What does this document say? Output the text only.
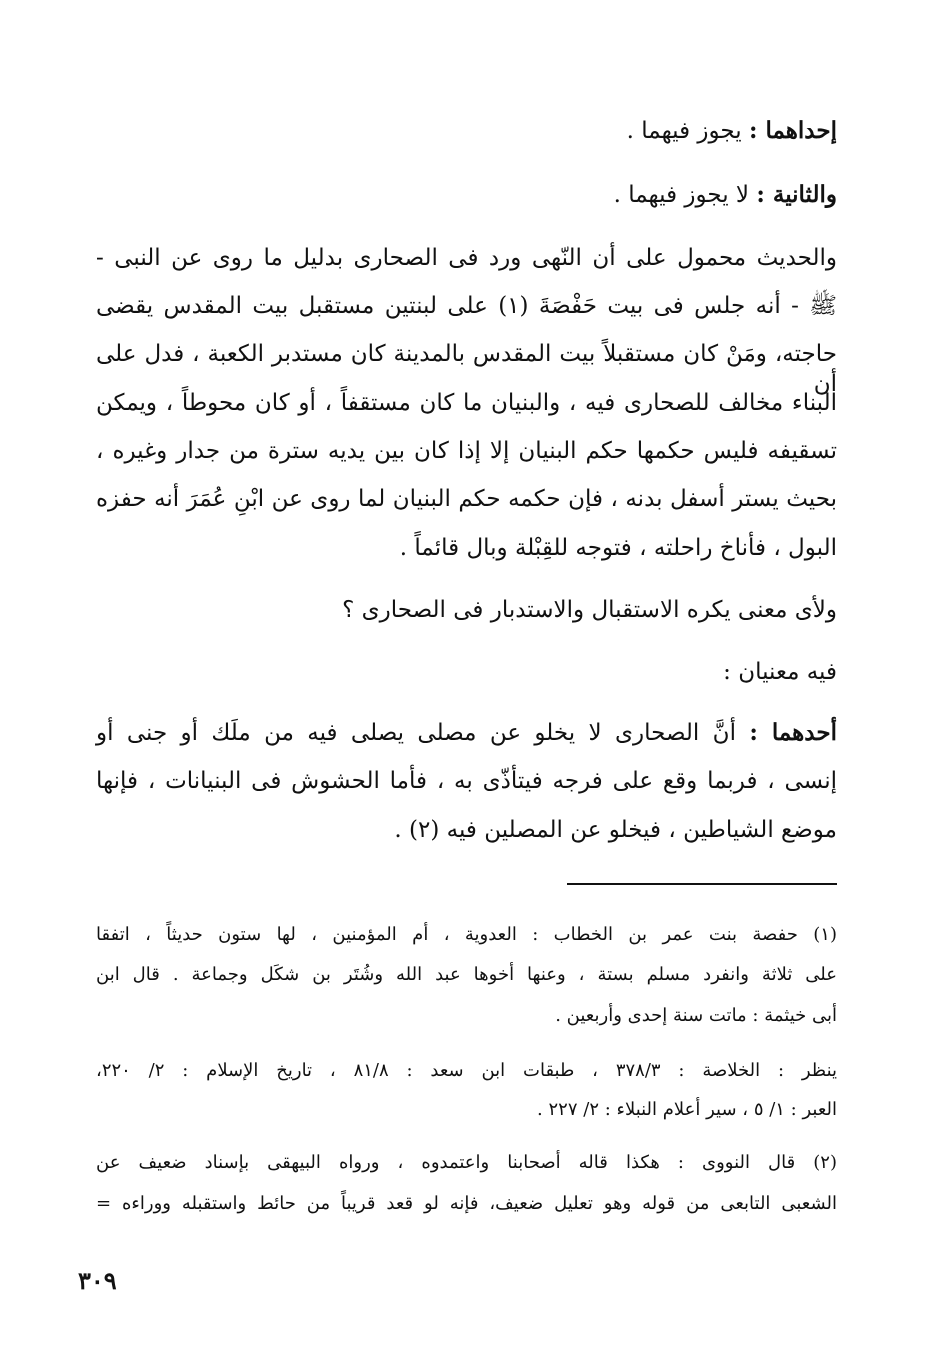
إحداهما : يجوز فيهما .
والثانية : لا يجوز فيهما .
والحديث محمول على أن النّهى ورد فى الصحارى بدليل ما روى عن النبى -
ﷺ - أنه جلس فى بيت حَفْصَةَ (١) على لبنتين مستقبل بيت المقدس يقضى
حاجته، ومَنْ كان مستقبلاً بيت المقدس بالمدينة كان مستدبر الكعبة ، فدل على أن
البناء مخالف للصحارى فيه ، والبنيان ما كان مستقفاً ، أو كان محوطاً ، ويمكن
تسقيفه فليس حكمها حكم البنيان إلا إذا كان بين يديه سترة من جدار وغيره ،
بحيث يستر أسفل بدنه ، فإن حكمه حكم البنيان لما روى عن ابْنِ عُمَرَ أنه حفزه
البول ، فأناخ راحلته ، فتوجه للقِبْلة وبال قائماً .
ولأى معنى يكره الاستقبال والاستدبار فى الصحارى ؟
فيه معنيان :
أحدهما : أنَّ الصحارى لا يخلو عن مصلى يصلى فيه من ملَك أو جنى أو
إنسى ، فربما وقع على فرجه فيتأذّى به ، فأما الحشوش فى البنيانات ، فإنها
موضع الشياطين ، فيخلو عن المصلين فيه (٢) .
(١) حفصة بنت عمر بن الخطاب : العدوية ، أم المؤمنين ، لها ستون حديثاً ، اتفقا
على ثلاثة وانفرد مسلم بستة ، وعنها أخوها عبد الله وشُتَر بن شكَل وجماعة . قال ابن
أبى خيثمة : ماتت سنة إحدى وأربعين .
ينظر : الخلاصة : ٣٧٨/٣ ، طبقات ابن سعد : ٨١/٨ ، تاريخ الإسلام : ٢/ ٢٢٠،
العبر : ١/ ٥ ، سير أعلام النبلاء : ٢/ ٢٢٧ .
(٢) قال النووى : هكذا قاله أصحابنا واعتمدوه ، ورواه البيهقى بإسناد ضعيف عن
الشعبى التابعى من قوله وهو تعليل ضعيف، فإنه لو قعد قريباً من حائط واستقبله ووراءه =
٣٠٩
